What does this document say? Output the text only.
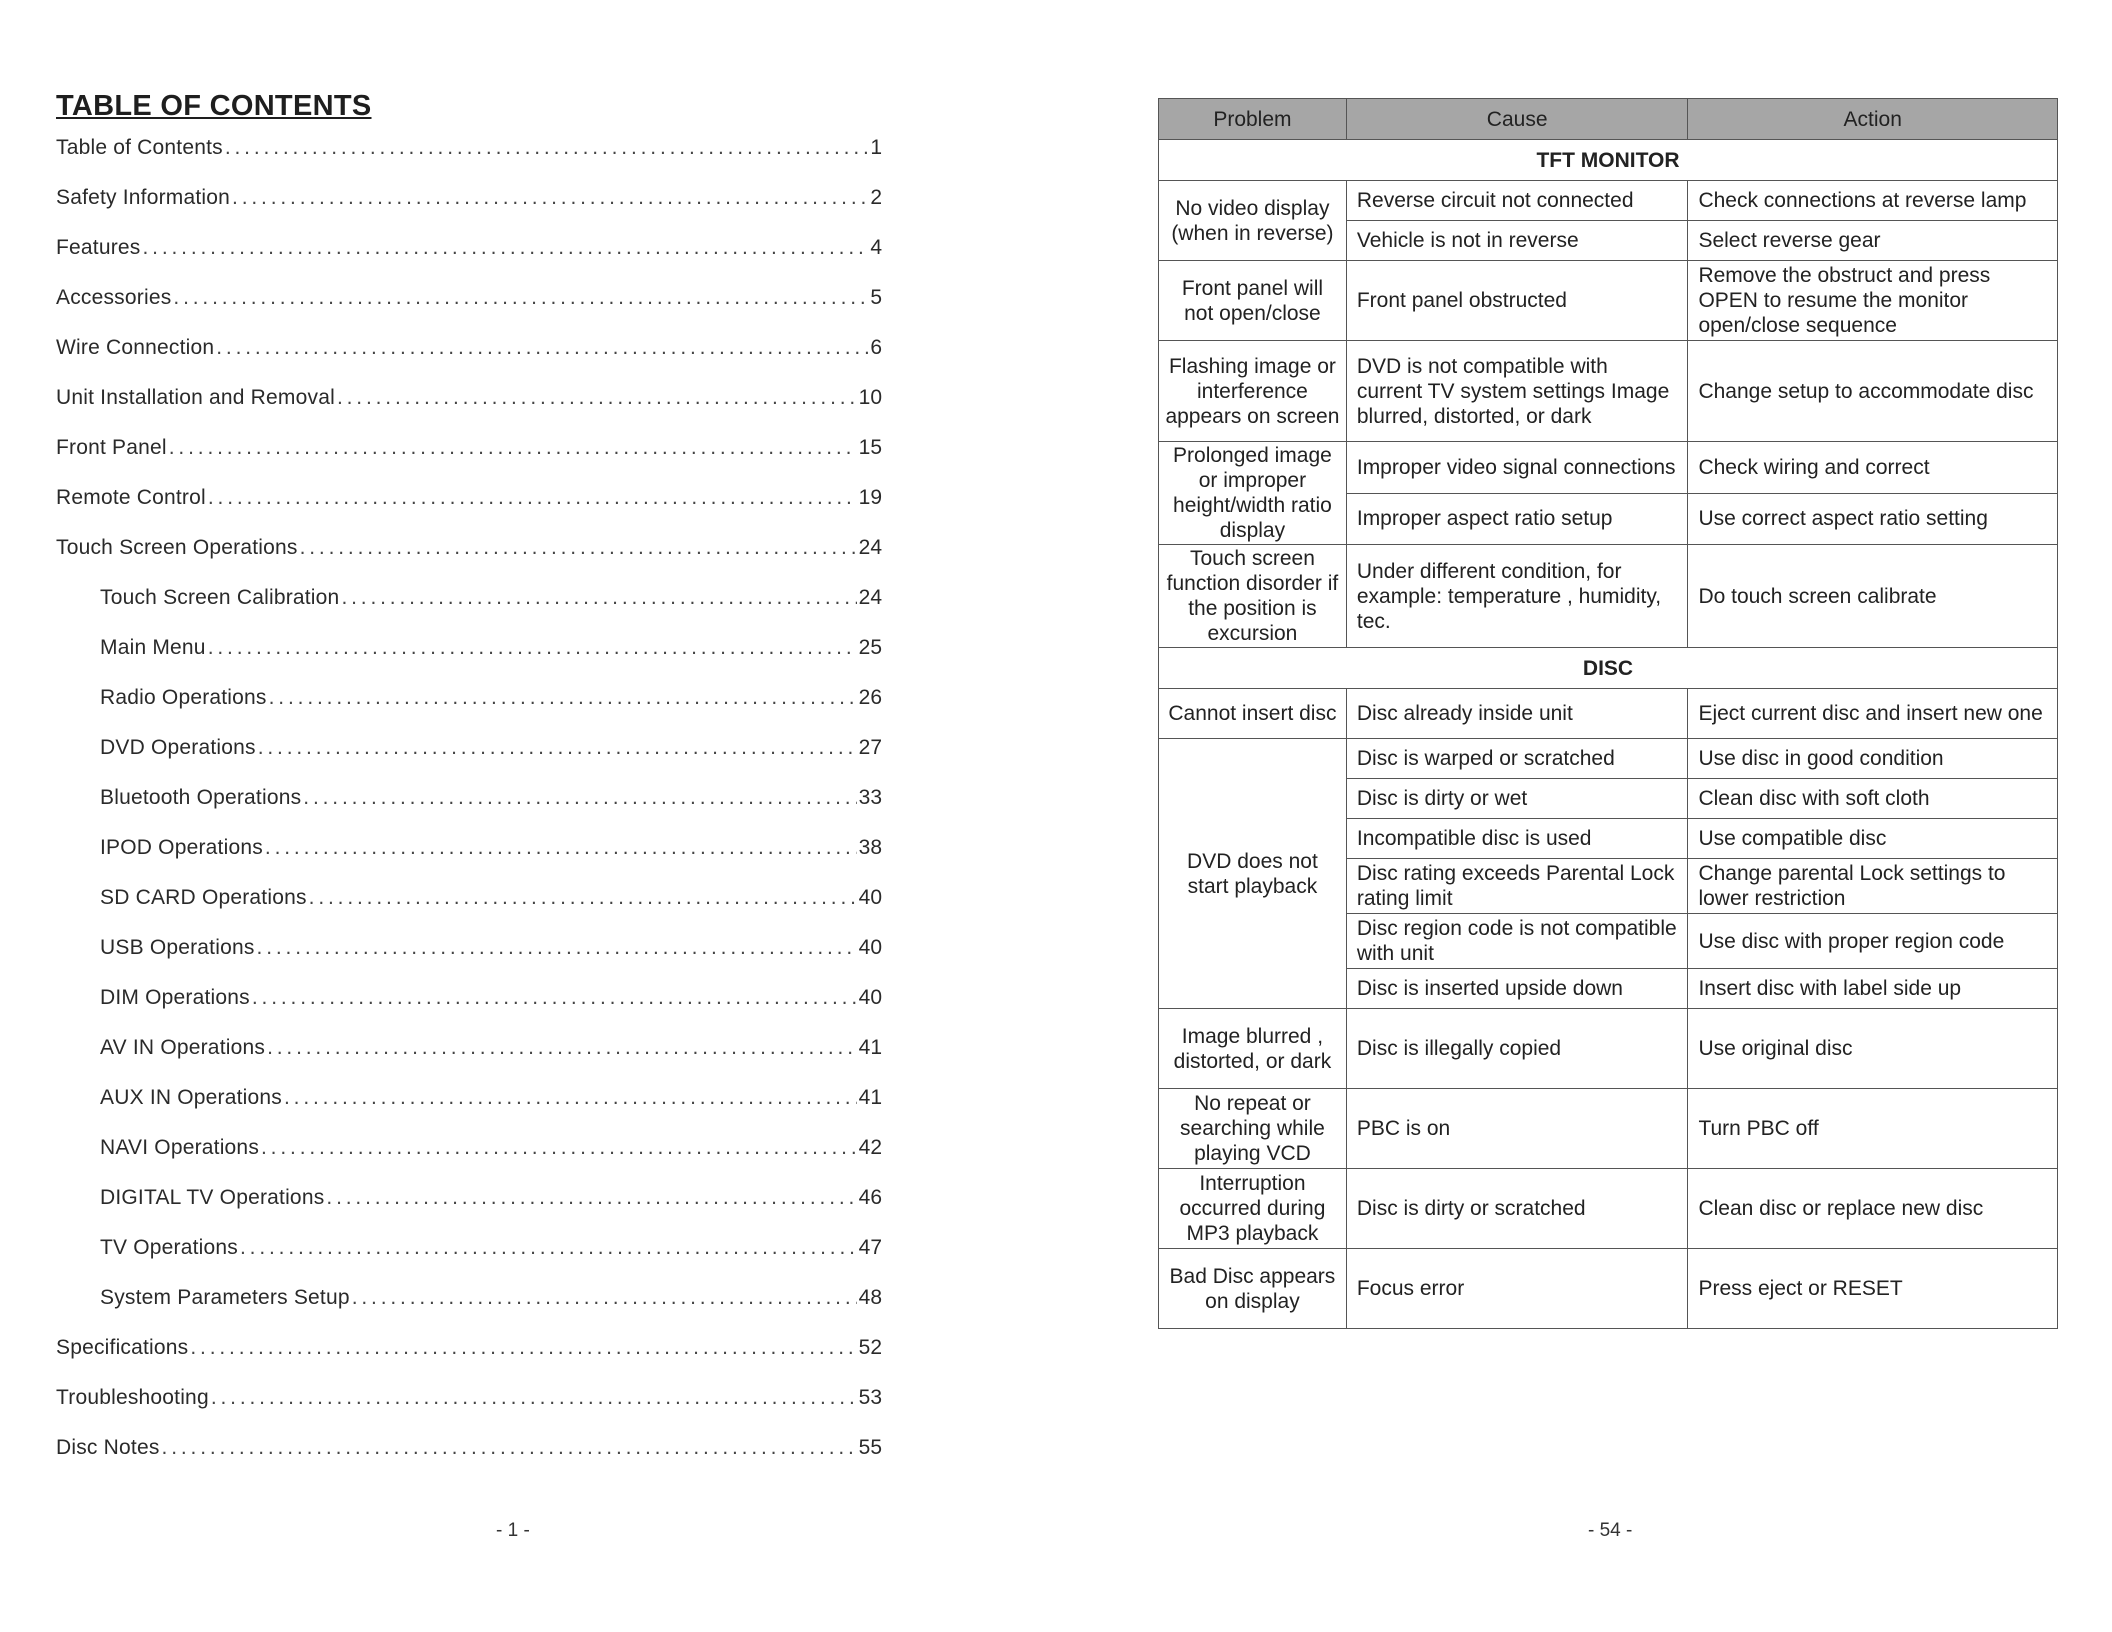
TABLE OF CONTENTS
Table of Contents . . .	1
Safety Information . . .	2
Features . . .	4
Accessories . . .	5
Wire Connection . . .	6
Unit Installation and Removal . . .	10
Front Panel . . .	15
Remote Control . . .	19
Touch Screen Operations . . .	24
Touch Screen Calibration . . .	24
Main Menu . . .	25
Radio Operations . . .	26
DVD Operations . . .	27
Bluetooth Operations . . .	33
IPOD Operations . . .	38
SD CARD Operations . . .	40
USB Operations . . .	40
DIM Operations . . .	40
AV IN Operations . . .	41
AUX IN Operations . . .	41
NAVI Operations . . .	42
DIGITAL TV Operations . . .	46
TV Operations . . .	47
System Parameters Setup . . .	48
Specifications . . .	52
Troubleshooting . . .	53
Disc Notes . . .	55
- 1 -
Problem	Cause	Action
TFT MONITOR		
No video display (when in reverse)	Reverse circuit not connected	Check connections at reverse lamp
	Vehicle is not in reverse	Select reverse gear
Front panel will not open/close	Front panel obstructed	Remove the obstruct and press OPEN to resume the monitor open/close sequence
Flashing image or interference appears on screen	DVD is not compatible with current TV system settings Image blurred, distorted, or dark	Change setup to accommodate disc
Prolonged image or improper height/width ratio display	Improper video signal connections	Check wiring and correct
	Improper aspect ratio setup	Use correct aspect ratio setting
Touch screen function disorder if the position is excursion	Under different condition, for example: temperature , humidity, tec.	Do touch screen calibrate
DISC		
Cannot insert disc	Disc already inside unit	Eject current disc and insert new one
DVD does not start playback	Disc is warped or scratched	Use disc in good condition
	Disc is dirty or wet	Clean disc with soft cloth
	Incompatible disc is used	Use compatible disc
	Disc rating exceeds Parental Lock rating limit	Change parental Lock settings to lower restriction
	Disc region code is not compatible with unit	Use disc with proper region code
	Disc is inserted upside down	Insert disc with label side up
Image blurred , distorted, or dark	Disc is illegally copied	Use original disc
No repeat or searching while playing VCD	PBC is on	Turn PBC off
Interruption occurred during MP3 playback	Disc is dirty or scratched	Clean disc or replace new disc
Bad Disc appears on display	Focus error	Press eject or RESET
- 54 -
